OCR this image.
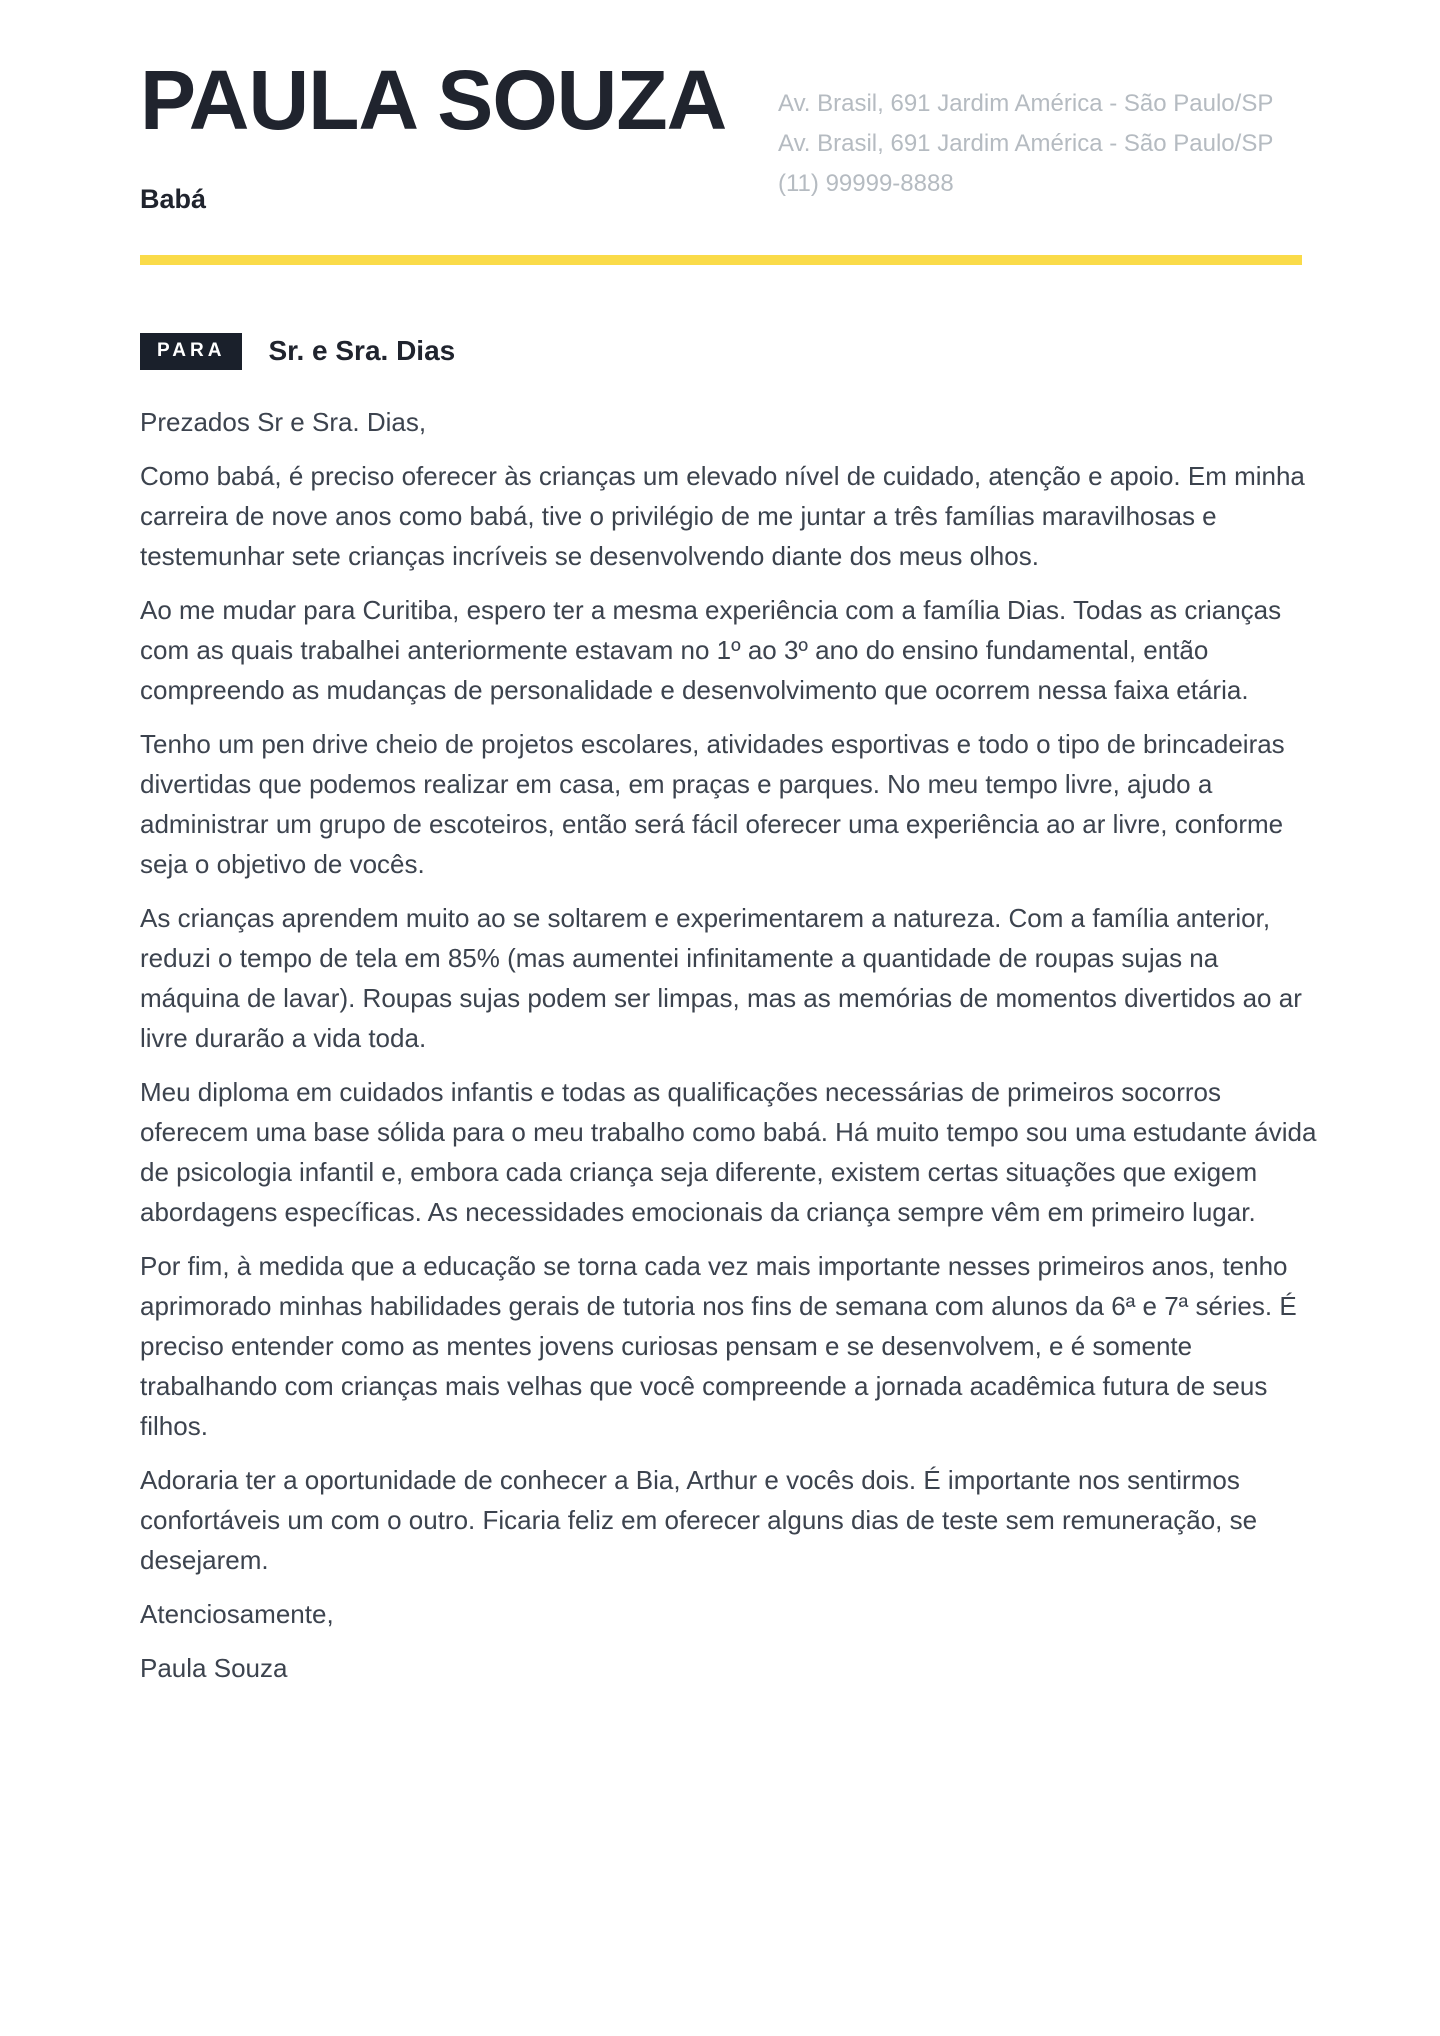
PAULA SOUZA
Babá
Av. Brasil, 691 Jardim América - São Paulo/SP
Av. Brasil, 691 Jardim América - São Paulo/SP
(11) 99999-8888
PARA	Sr. e Sra. Dias

Prezados Sr e Sra. Dias,

Como babá, é preciso oferecer às crianças um elevado nível de cuidado, atenção e apoio. Em minha carreira de nove anos como babá, tive o privilégio de me juntar a três famílias maravilhosas e testemunhar sete crianças incríveis se desenvolvendo diante dos meus olhos.

Ao me mudar para Curitiba, espero ter a mesma experiência com a família Dias. Todas as crianças com as quais trabalhei anteriormente estavam no 1º ao 3º ano do ensino fundamental, então compreendo as mudanças de personalidade e desenvolvimento que ocorrem nessa faixa etária.

Tenho um pen drive cheio de projetos escolares, atividades esportivas e todo o tipo de brincadeiras divertidas que podemos realizar em casa, em praças e parques. No meu tempo livre, ajudo a administrar um grupo de escoteiros, então será fácil oferecer uma experiência ao ar livre, conforme seja o objetivo de vocês.

As crianças aprendem muito ao se soltarem e experimentarem a natureza. Com a família anterior, reduzi o tempo de tela em 85% (mas aumentei infinitamente a quantidade de roupas sujas na máquina de lavar). Roupas sujas podem ser limpas, mas as memórias de momentos divertidos ao ar livre durarão a vida toda.

Meu diploma em cuidados infantis e todas as qualificações necessárias de primeiros socorros oferecem uma base sólida para o meu trabalho como babá. Há muito tempo sou uma estudante ávida de psicologia infantil e, embora cada criança seja diferente, existem certas situações que exigem abordagens específicas. As necessidades emocionais da criança sempre vêm em primeiro lugar.

Por fim, à medida que a educação se torna cada vez mais importante nesses primeiros anos, tenho aprimorado minhas habilidades gerais de tutoria nos fins de semana com alunos da 6ª e 7ª séries. É preciso entender como as mentes jovens curiosas pensam e se desenvolvem, e é somente trabalhando com crianças mais velhas que você compreende a jornada acadêmica futura de seus filhos.

Adoraria ter a oportunidade de conhecer a Bia, Arthur e vocês dois. É importante nos sentirmos confortáveis um com o outro. Ficaria feliz em oferecer alguns dias de teste sem remuneração, se desejarem.

Atenciosamente,

Paula Souza
